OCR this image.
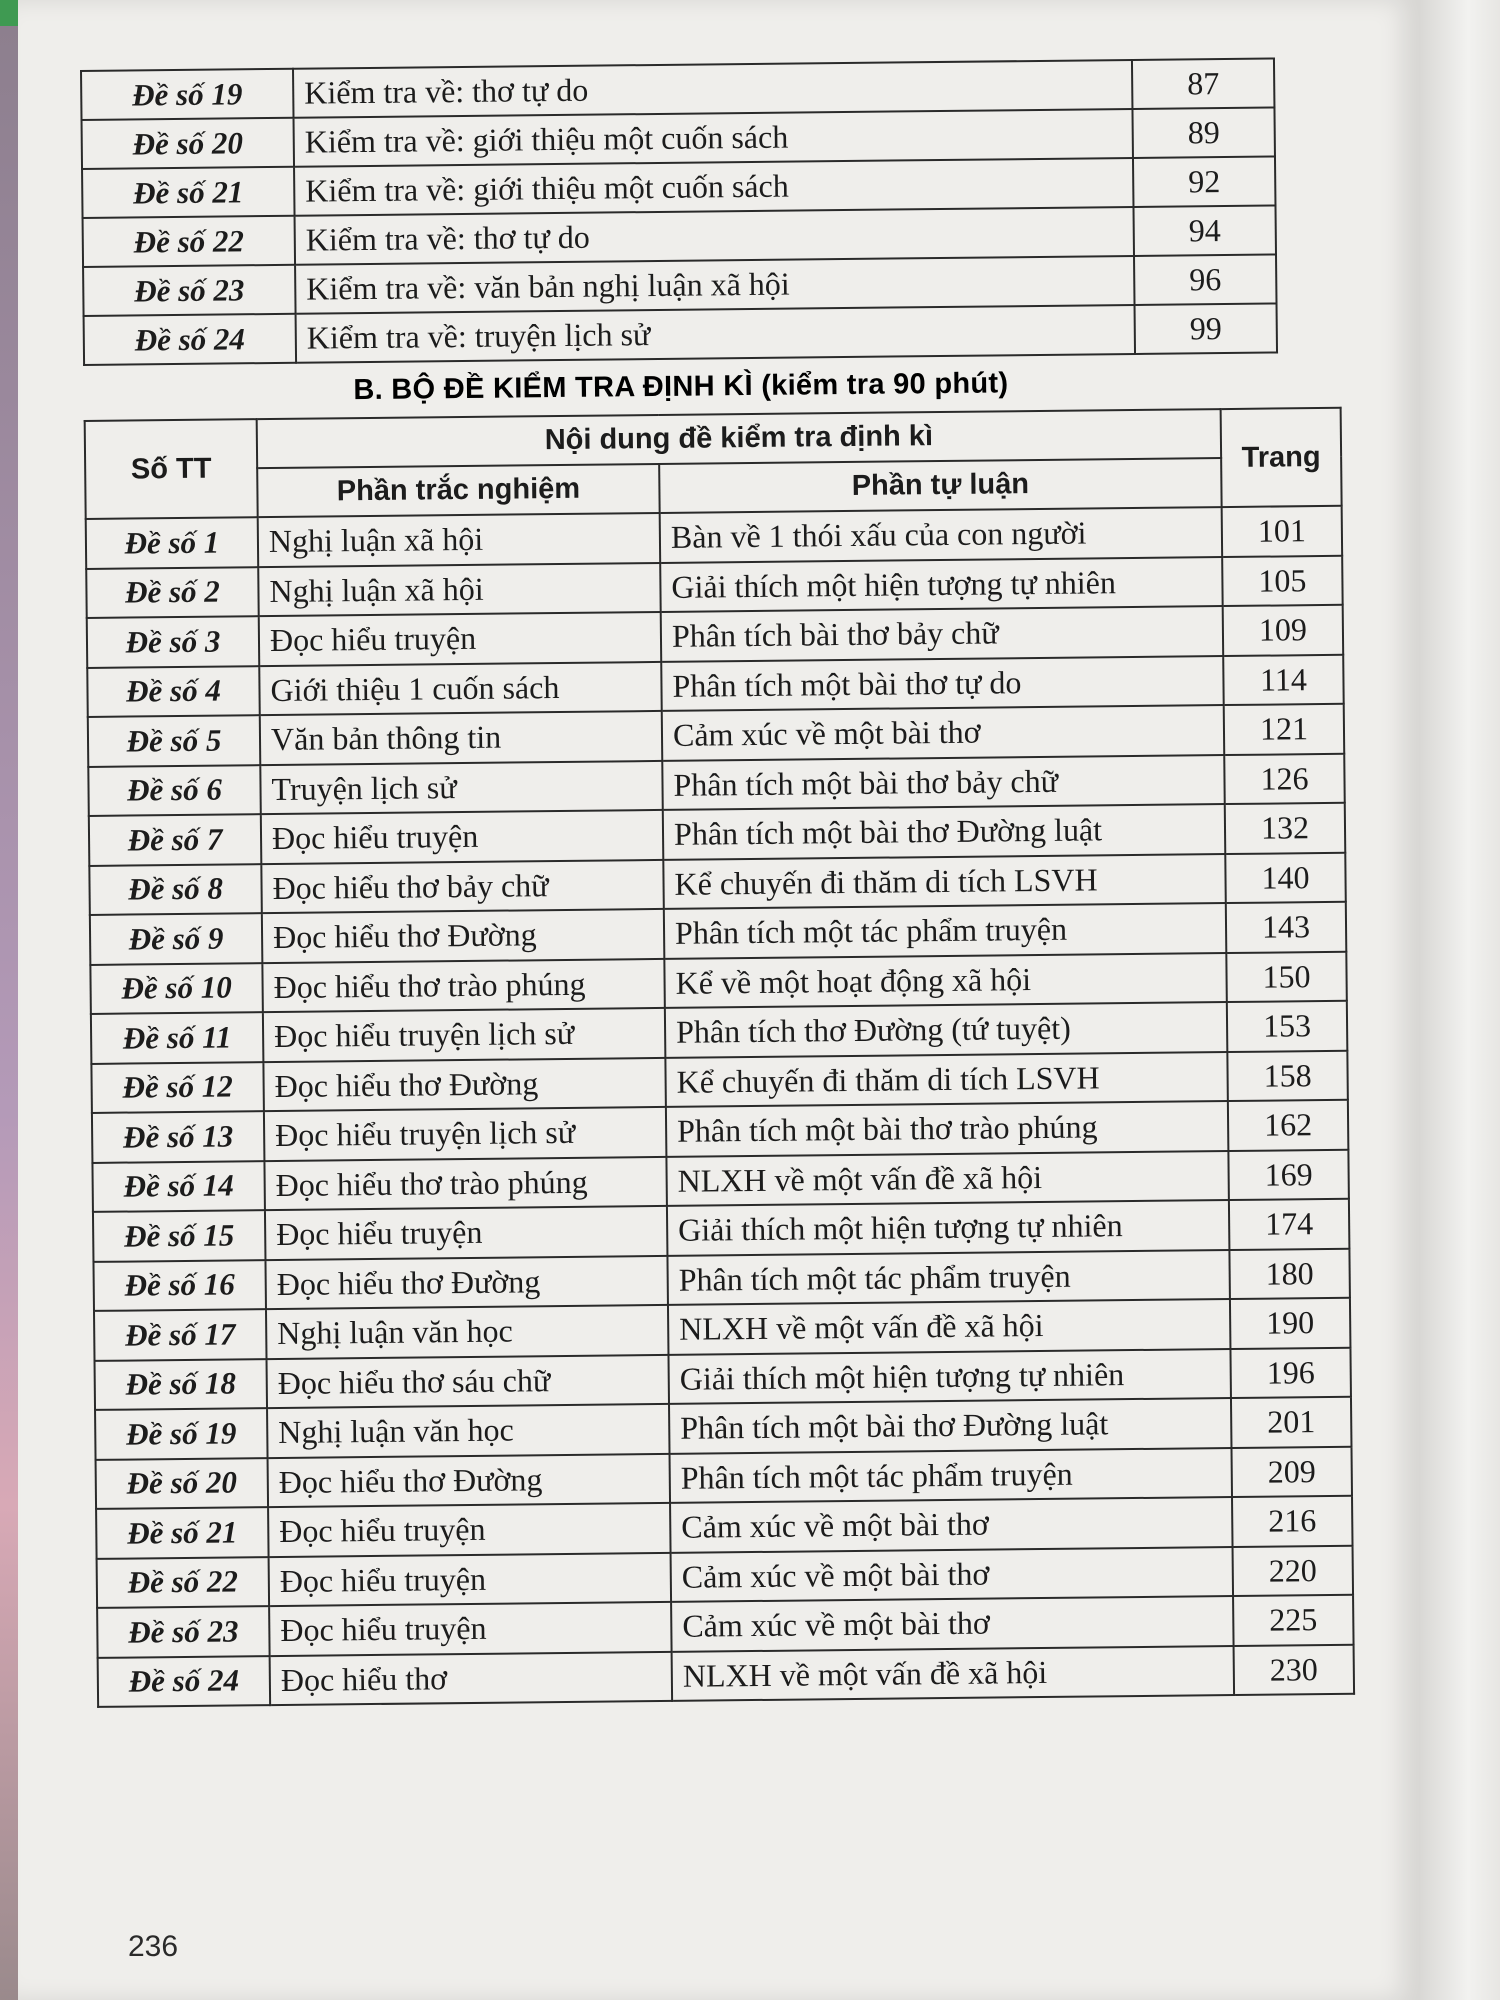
Đề số 19	Kiểm tra về: thơ tự do	87
Đề số 20	Kiểm tra về: giới thiệu một cuốn sách	89
Đề số 21	Kiểm tra về: giới thiệu một cuốn sách	92
Đề số 22	Kiểm tra về: thơ tự do	94
Đề số 23	Kiểm tra về: văn bản nghị luận xã hội	96
Đề số 24	Kiểm tra về: truyện lịch sử	99
B. BỘ ĐỀ KIỂM TRA ĐỊNH KÌ (kiểm tra 90 phút)
Số TT	Nội dung đề kiểm tra định kì		Trang
	Phần trắc nghiệm	Phần tự luận	
Đề số 1	Nghị luận xã hội	Bàn về 1 thói xấu của con người	101
Đề số 2	Nghị luận xã hội	Giải thích một hiện tượng tự nhiên	105
Đề số 3	Đọc hiểu truyện	Phân tích bài thơ bảy chữ	109
Đề số 4	Giới thiệu 1 cuốn sách	Phân tích một bài thơ tự do	114
Đề số 5	Văn bản thông tin	Cảm xúc về một bài thơ	121
Đề số 6	Truyện lịch sử	Phân tích một bài thơ bảy chữ	126
Đề số 7	Đọc hiểu truyện	Phân tích một bài thơ Đường luật	132
Đề số 8	Đọc hiểu thơ bảy chữ	Kể chuyến đi thăm di tích LSVH	140
Đề số 9	Đọc hiểu thơ Đường	Phân tích một tác phẩm truyện	143
Đề số 10	Đọc hiểu thơ trào phúng	Kể về một hoạt động xã hội	150
Đề số 11	Đọc hiểu truyện lịch sử	Phân tích thơ Đường (tứ tuyệt)	153
Đề số 12	Đọc hiểu thơ Đường	Kể chuyến đi thăm di tích LSVH	158
Đề số 13	Đọc hiểu truyện lịch sử	Phân tích một bài thơ trào phúng	162
Đề số 14	Đọc hiểu thơ trào phúng	NLXH về một vấn đề xã hội	169
Đề số 15	Đọc hiểu truyện	Giải thích một hiện tượng tự nhiên	174
Đề số 16	Đọc hiểu thơ Đường	Phân tích một tác phẩm truyện	180
Đề số 17	Nghị luận văn học	NLXH về một vấn đề xã hội	190
Đề số 18	Đọc hiểu thơ sáu chữ	Giải thích một hiện tượng tự nhiên	196
Đề số 19	Nghị luận văn học	Phân tích một bài thơ Đường luật	201
Đề số 20	Đọc hiểu thơ Đường	Phân tích một tác phẩm truyện	209
Đề số 21	Đọc hiểu truyện	Cảm xúc về một bài thơ	216
Đề số 22	Đọc hiểu truyện	Cảm xúc về một bài thơ	220
Đề số 23	Đọc hiểu truyện	Cảm xúc về một bài thơ	225
Đề số 24	Đọc hiểu thơ	NLXH về một vấn đề xã hội	230
236
